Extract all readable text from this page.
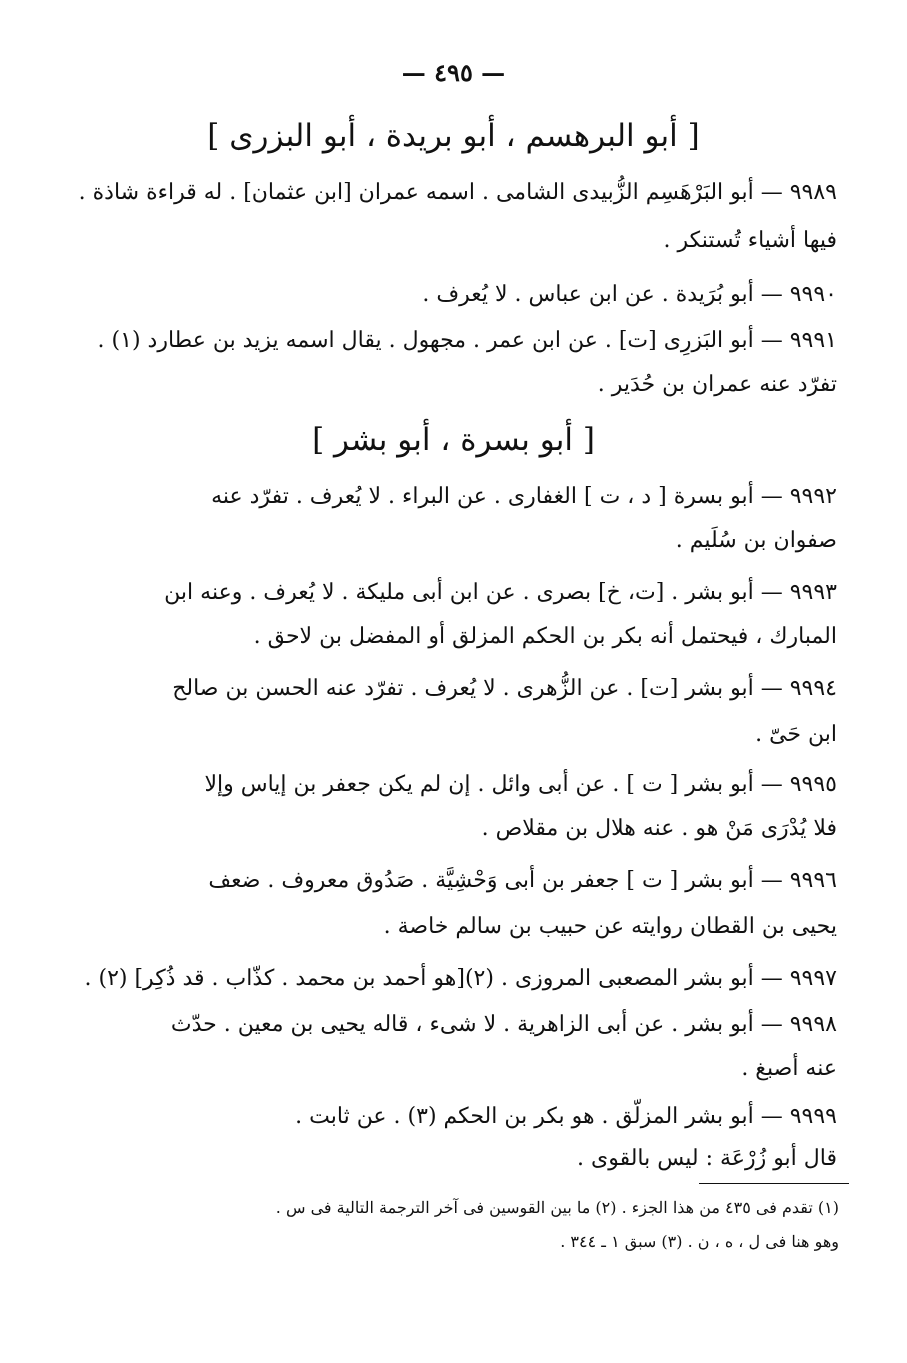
— ٤٩٥ —
[ أبو البرهسم ، أبو بريدة ، أبو البزرى ]
٩٩٨٩ — أبو البَرْهَسِم الزُّبيدى الشامى . اسمه عمران [ابن عثمان] . له قراءة شاذة .
فيها أشياء تُستنكر .
٩٩٩٠ — أبو بُرَيدة . عن ابن عباس . لا يُعرف .
٩٩٩١ — أبو البَزرِى [ت] . عن ابن عمر . مجهول . يقال اسمه يزيد بن عطارد (١) .
تفرّد عنه عمران بن حُدَير .
[ أبو بسرة ، أبو بشر ]
٩٩٩٢ — أبو بسرة [ د ، ت ] الغفارى . عن البراء . لا يُعرف . تفرّد عنه
صفوان بن سُلَيم .
٩٩٩٣ — أبو بشر . [ت، خ] بصرى . عن ابن أبى مليكة . لا يُعرف . وعنه ابن
المبارك ، فيحتمل أنه بكر بن الحكم المزلق أو المفضل بن لاحق .
٩٩٩٤ — أبو بشر [ت] . عن الزُّهرى . لا يُعرف . تفرّد عنه الحسن بن صالح
ابن حَىّ .
٩٩٩٥ — أبو بشر [ ت ] . عن أبى وائل . إن لم يكن جعفر بن إياس وإلا
فلا يُدْرَى مَنْ هو . عنه هلال بن مقلاص .
٩٩٩٦ — أبو بشر [ ت ] جعفر بن أبى وَحْشِيَّة . صَدُوق معروف . ضعف
يحيى بن القطان روايته عن حبيب بن سالم خاصة .
٩٩٩٧ — أبو بشر المصعبى المروزى . (٢)[هو أحمد بن محمد . كذّاب . قد ذُكِر] (٢) .
٩٩٩٨ — أبو بشر . عن أبى الزاهرية . لا شىء ، قاله يحيى بن معين . حدّث
عنه أصبغ .
٩٩٩٩ — أبو بشر المزلّق . هو بكر بن الحكم (٣) . عن ثابت .
قال أبو زُرْعَة : ليس بالقوى .
(١) تقدم فى ٤٣٥ من هذا الجزء . (٢) ما بين القوسين فى آخر الترجمة التالية فى س .
وهو هنا فى ل ، ه ، ن . (٣) سبق ١ ـ ٣٤٤ .
